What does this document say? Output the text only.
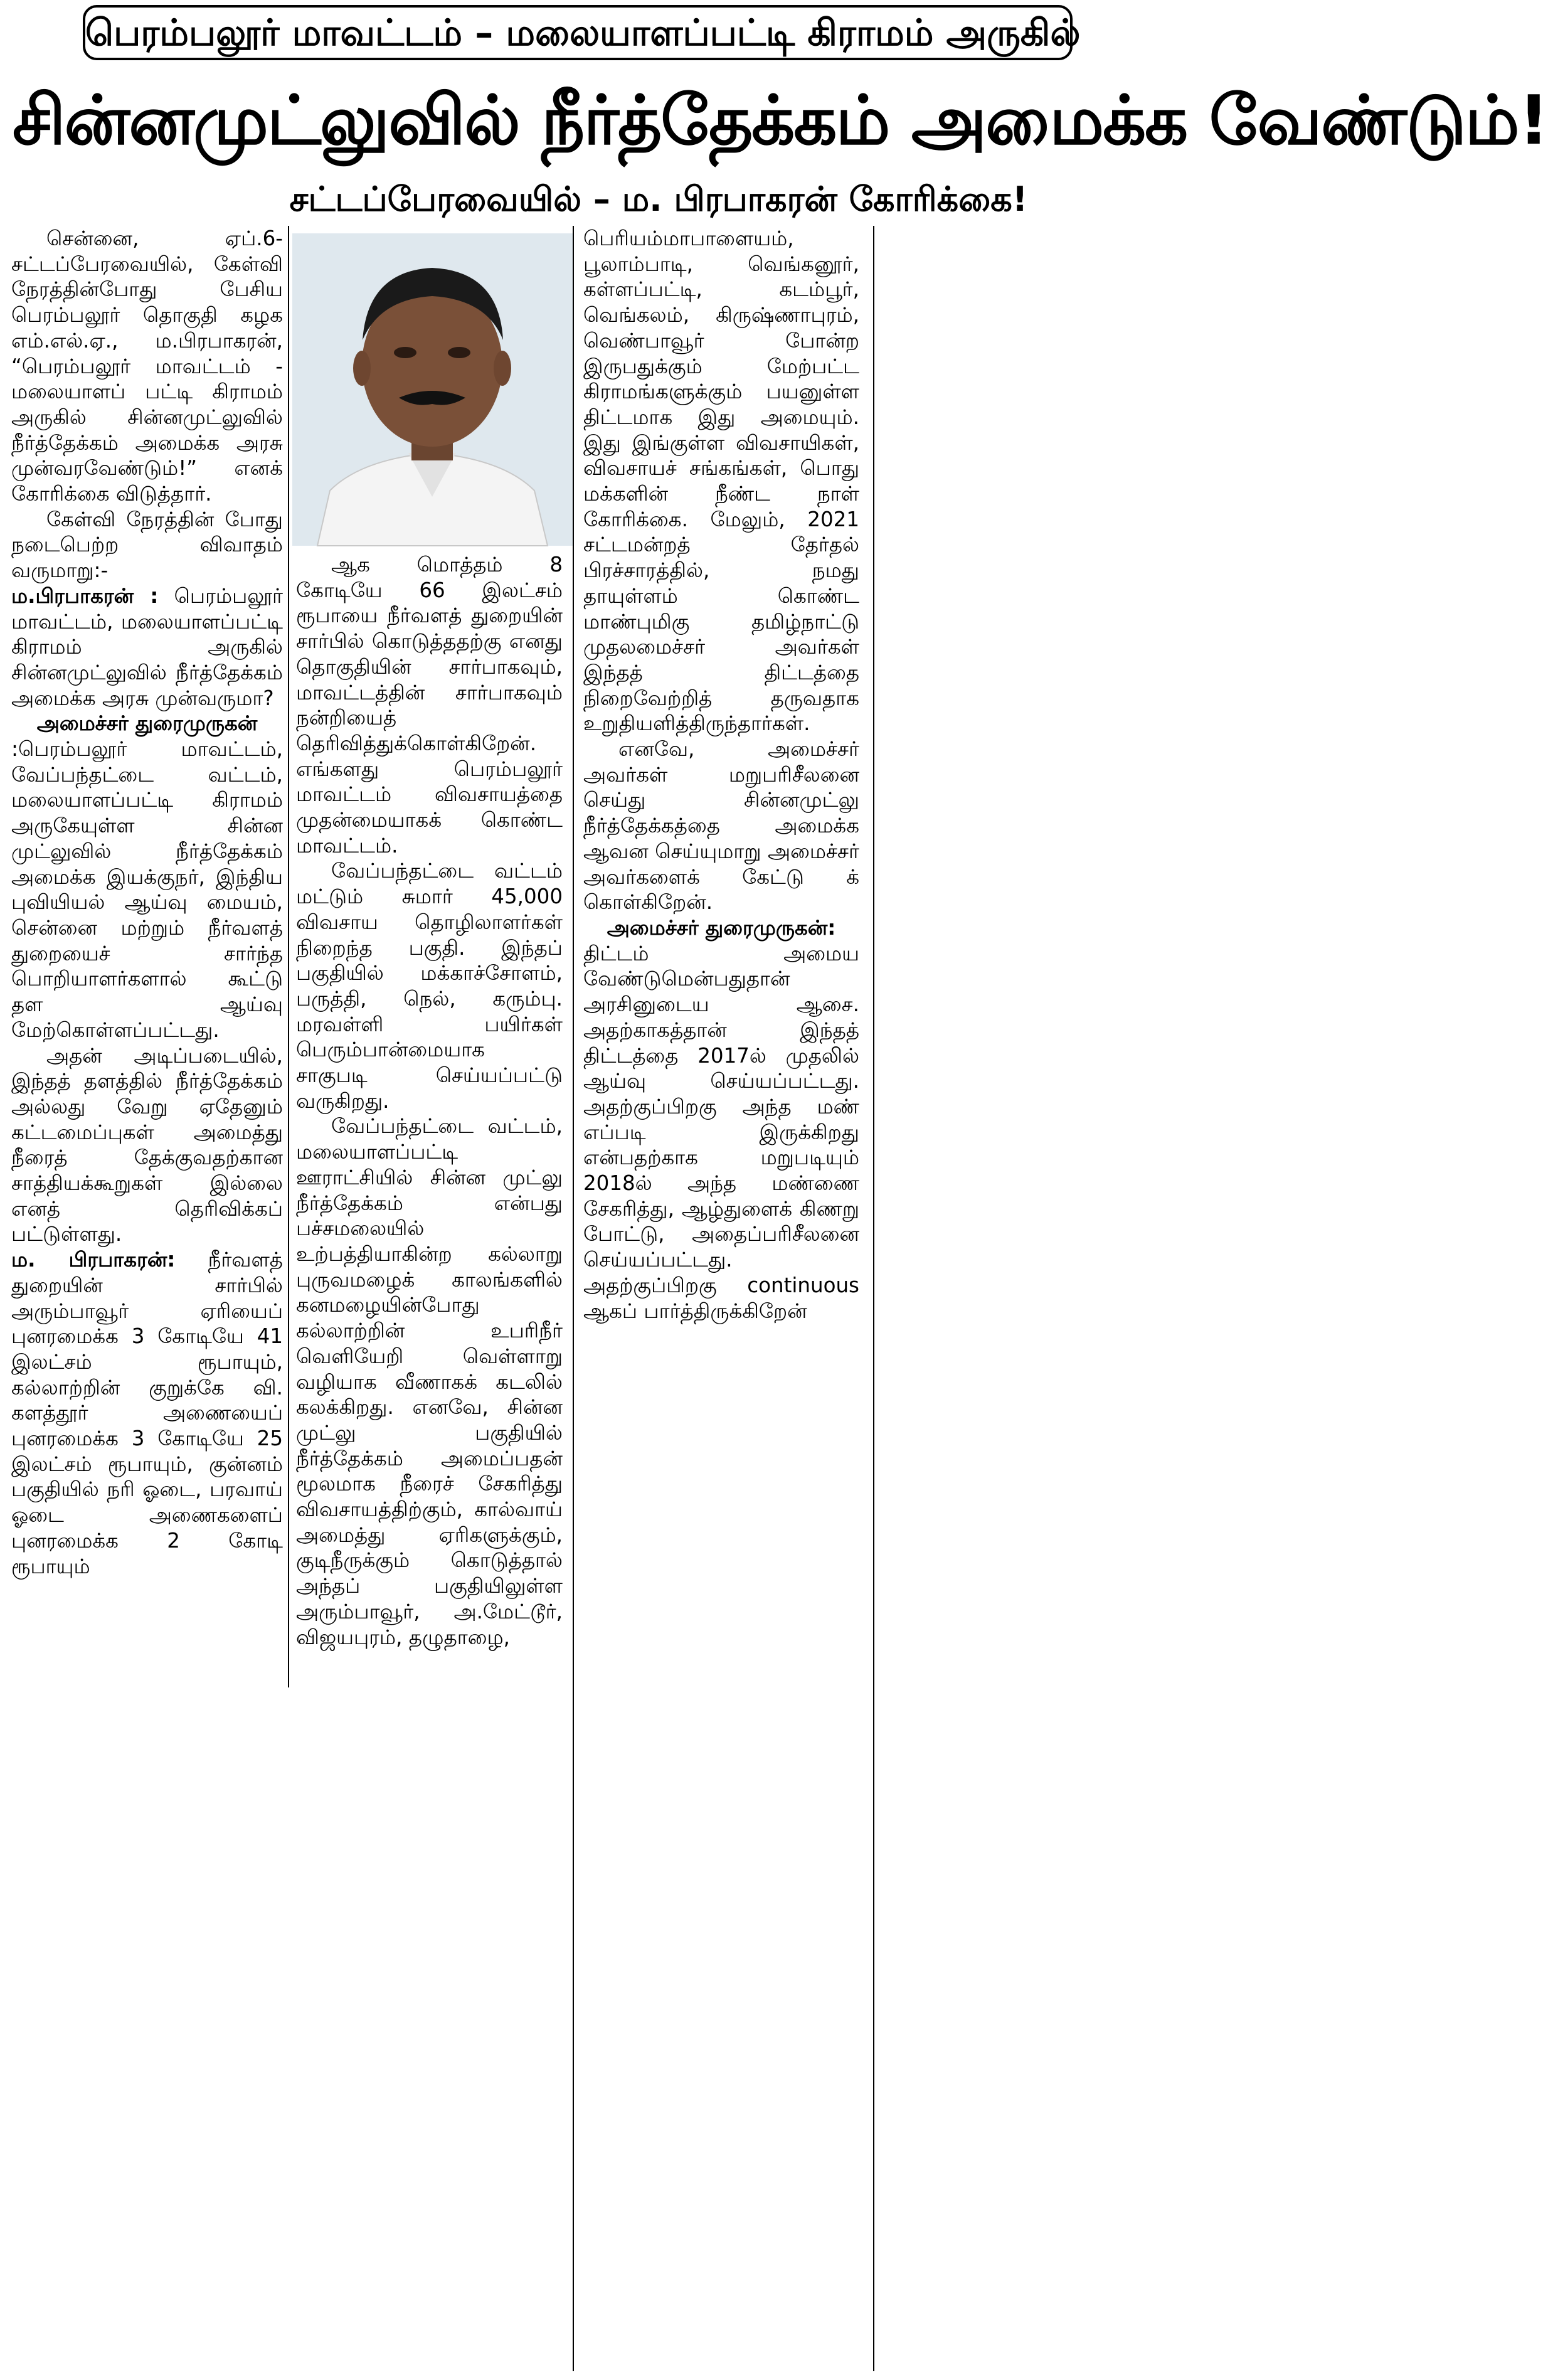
பெரம்பலூர் மாவட்டம் – மலையாளப்பட்டி கிராமம் அருகில்
சின்னமுட்லுவில் நீர்த்தேக்கம் அமைக்க வேண்டும்!
சட்டப்பேரவையில் – ம. பிரபாகரன் கோரிக்கை!

சென்னை, ஏப்.6- சட்டப்பேரவையில், கேள்வி நேரத்தின்போது பேசிய பெரம்பலூர் தொகுதி கழக எம்.எல்.ஏ., ம.பிரபாகரன், “பெரம்பலூர் மாவட்டம் - மலையாளப் பட்டி கிராமம் அருகில் சின்னமுட்லுவில் நீர்த்தேக்கம் அமைக்க அரசு முன்வரவேண்டும்!” எனக் கோரிக்கை விடுத்தார்.

கேள்வி நேரத்தின் போது நடைபெற்ற விவாதம் வருமாறு:-

ம.பிரபாகரன் : பெரம்பலூர் மாவட்டம், மலையாளப்பட்டி கிராமம் அருகில் சின்னமுட்லுவில் நீர்த்தேக்கம் அமைக்க அரசு முன்வருமா?

அமைச்சர் துரைமுருகன்

:பெரம்பலூர் மாவட்டம், வேப்பந்தட்டை வட்டம், மலையாளப்பட்டி கிராமம் அருகேயுள்ள சின்ன முட்லுவில் நீர்த்தேக்கம் அமைக்க இயக்குநர், இந்திய புவியியல் ஆய்வு மையம், சென்னை மற்றும் நீர்வளத் துறையைச் சார்ந்த பொறியாளர்களால் கூட்டு தள ஆய்வு மேற்கொள்ளப்பட்டது.

அதன் அடிப்படையில், இந்தத் தளத்தில் நீர்த்தேக்கம் அல்லது வேறு ஏதேனும் கட்டமைப்புகள் அமைத்து நீரைத் தேக்குவதற்கான சாத்தியக்கூறுகள் இல்லை எனத் தெரிவிக்கப் பட்டுள்ளது.

ம. பிரபாகரன்: நீர்வளத் துறையின் சார்பில் அரும்பாவூர் ஏரியைப் புனரமைக்க 3 கோடியே 41 இலட்சம் ரூபாயும், கல்லாற்றின் குறுக்கே வி. களத்தூர் அணையைப் புனரமைக்க 3 கோடியே 25 இலட்சம் ரூபாயும், குன்னம் பகுதியில் நரி ஓடை, பரவாய் ஓடை அணைகளைப் புனரமைக்க 2 கோடி ரூபாயும்

ஆக மொத்தம் 8 கோடியே 66 இலட்சம் ரூபாயை நீர்வளத் துறையின் சார்பில் கொடுத்ததற்கு எனது தொகுதியின் சார்பாகவும், மாவட்டத்தின் சார்பாகவும் நன்றியைத் தெரிவித்துக்கொள்கிறேன். எங்களது பெரம்பலூர் மாவட்டம் விவசாயத்தை முதன்மையாகக் கொண்ட மாவட்டம்.

வேப்பந்தட்டை வட்டம் மட்டும் சுமார் 45,000 விவசாய தொழிலாளர்கள் நிறைந்த பகுதி. இந்தப் பகுதியில் மக்காச்சோளம், பருத்தி, நெல், கரும்பு. மரவள்ளி பயிர்கள் பெரும்பான்மையாக சாகுபடி செய்யப்பட்டு வருகிறது.

வேப்பந்தட்டை வட்டம், மலையாளப்பட்டி ஊராட்சியில் சின்ன முட்லு நீர்த்தேக்கம் என்பது பச்சமலையில் உற்பத்தியாகின்ற கல்லாறு புருவமழைக் காலங்களில் கனமழையின்போது கல்லாற்றின் உபரிநீர் வெளியேறி வெள்ளாறு வழியாக வீணாகக் கடலில் கலக்கிறது. எனவே, சின்ன முட்லு பகுதியில் நீர்த்தேக்கம் அமைப்பதன் மூலமாக நீரைச் சேகரித்து விவசாயத்திற்கும், கால்வாய் அமைத்து ஏரிகளுக்கும், குடிநீருக்கும் கொடுத்தால் அந்தப் பகுதியிலுள்ள அரும்பாவூர், அ.மேட்டூர், விஜயபுரம், தழுதாழை,

பெரியம்மாபாளையம், பூலாம்பாடி, வெங்கனூர், கள்ளப்பட்டி, கடம்பூர், வெங்கலம், கிருஷ்ணாபுரம், வெண்பாவூர் போன்ற இருபதுக்கும் மேற்பட்ட கிராமங்களுக்கும் பயனுள்ள திட்டமாக இது அமையும். இது இங்குள்ள விவசாயிகள், விவசாயச் சங்கங்கள், பொது மக்களின் நீண்ட நாள் கோரிக்கை. மேலும், 2021 சட்டமன்றத் தேர்தல் பிரச்சாரத்தில், நமது தாயுள்ளம் கொண்ட மாண்புமிகு தமிழ்நாட்டு முதலமைச்சர் அவர்கள் இந்தத் திட்டத்தை நிறைவேற்றித் தருவதாக உறுதியளித்திருந்தார்கள்.

எனவே, அமைச்சர் அவர்கள் மறுபரிசீலனை செய்து சின்னமுட்லு நீர்த்தேக்கத்தை அமைக்க ஆவன செய்யுமாறு அமைச்சர் அவர்களைக் கேட்டு க் கொள்கிறேன்.

அமைச்சர் துரைமுருகன்:

திட்டம் அமைய வேண்டுமென்பதுதான் அரசினுடைய ஆசை. அதற்காகத்தான் இந்தத் திட்டத்தை 2017ல் முதலில் ஆய்வு செய்யப்பட்டது. அதற்குப்பிறகு அந்த மண் எப்படி இருக்கிறது என்பதற்காக மறுபடியும் 2018ல் அந்த மண்ணை சேகரித்து, ஆழ்துளைக் கிணறு போட்டு, அதைப்பரிசீலனை செய்யப்பட்டது. அதற்குப்பிறகு continuous ஆகப் பார்த்திருக்கிறேன்
